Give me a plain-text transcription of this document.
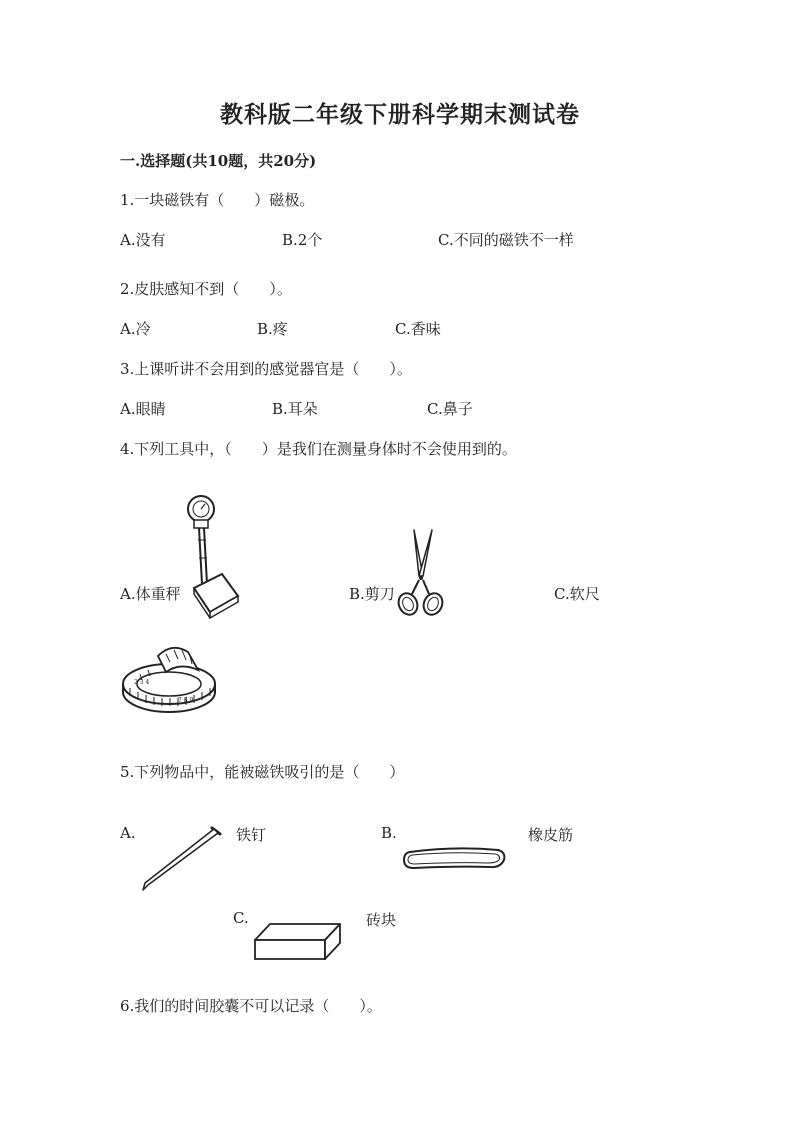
教科版二年级下册科学期末测试卷
一.选择题(共10题，共20分)
1.一块磁铁有（　　）磁极。
A.没有	B.2个	C.不同的磁铁不一样
2.皮肤感知不到（　　）。
A.冷	B.疼	C.香味
3.上课听讲不会用到的感觉器官是（　　）。
A.眼睛	B.耳朵	C.鼻子
4.下列工具中，（　　）是我们在测量身体时不会使用到的。
A.体重秤	B.剪刀	C.软尺
2 3 4
7 8 9
5.下列物品中，能被磁铁吸引的是（　　）
A.	铁钉	B.	橡皮筋
C.	砖块
6.我们的时间胶囊不可以记录（　　）。
